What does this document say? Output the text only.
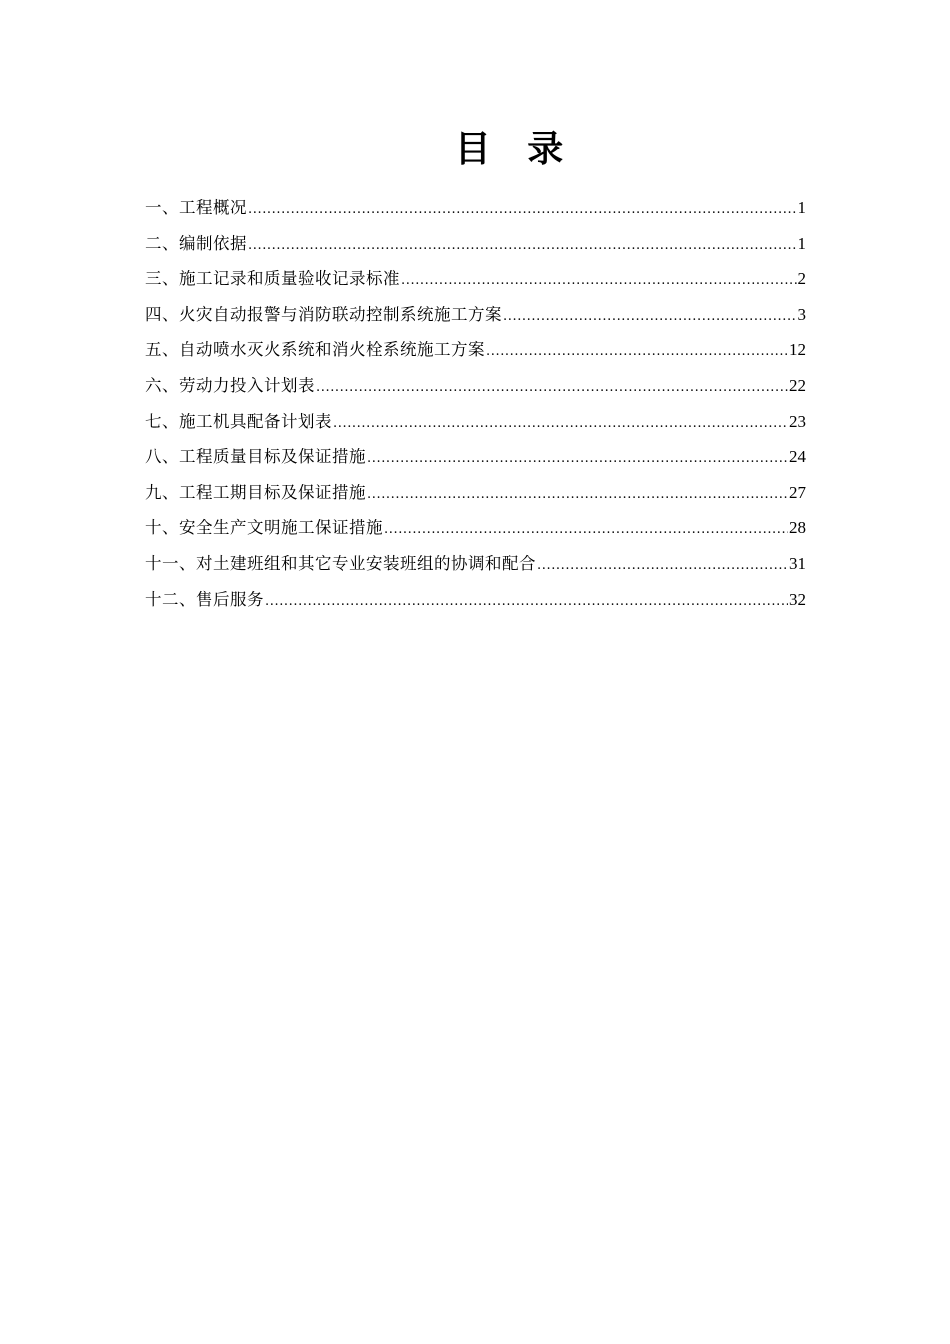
目 录
一、工程概况 .....	1
二、编制依据 .....	1
三、施工记录和质量验收记录标准 .....	2
四、火灾自动报警与消防联动控制系统施工方案 .....	3
五、自动喷水灭火系统和消火栓系统施工方案 .....	12
六、劳动力投入计划表 .....	22
七、施工机具配备计划表 .....	23
八、工程质量目标及保证措施 .....	24
九、工程工期目标及保证措施 .....	27
十、安全生产文明施工保证措施 .....	28
十一、对土建班组和其它专业安装班组的协调和配合 .....	31
十二、售后服务 .....	32
